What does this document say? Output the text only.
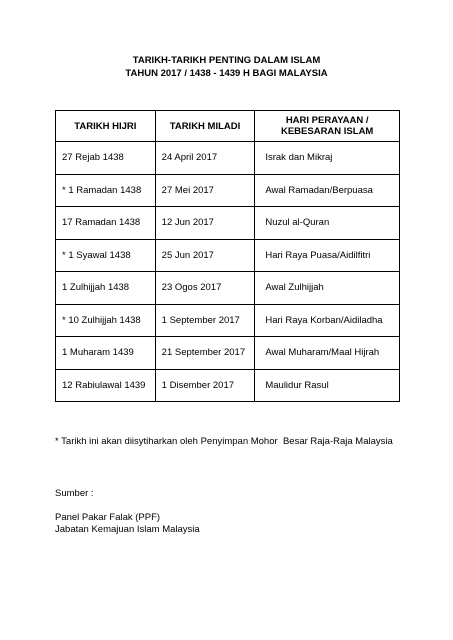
TARIKH-TARIKH PENTING DALAM ISLAM
TAHUN 2017 / 1438 - 1439 H BAGI MALAYSIA
TARIKH HIJRI	TARIKH MILADI	HARI PERAYAAN /
KEBESARAN ISLAM
27 Rejab 1438	24 April 2017	Israk dan Mikraj
* 1 Ramadan 1438	27 Mei 2017	Awal Ramadan/Berpuasa
17 Ramadan 1438	12 Jun 2017	Nuzul al-Quran
* 1 Syawal 1438	25 Jun 2017	Hari Raya Puasa/Aidilfitri
1 Zulhijjah 1438	23 Ogos 2017	Awal Zulhijjah
* 10 Zulhijjah 1438	1 September 2017	Hari Raya Korban/Aidiladha
1 Muharam 1439	21 September 2017	Awal Muharam/Maal Hijrah
12 Rabiulawal 1439	1 Disember 2017	Maulidur Rasul
* Tarikh ini akan diisytiharkan oleh Penyimpan Mohor  Besar Raja-Raja Malaysia
Sumber :
Panel Pakar Falak (PPF)
Jabatan Kemajuan Islam Malaysia
